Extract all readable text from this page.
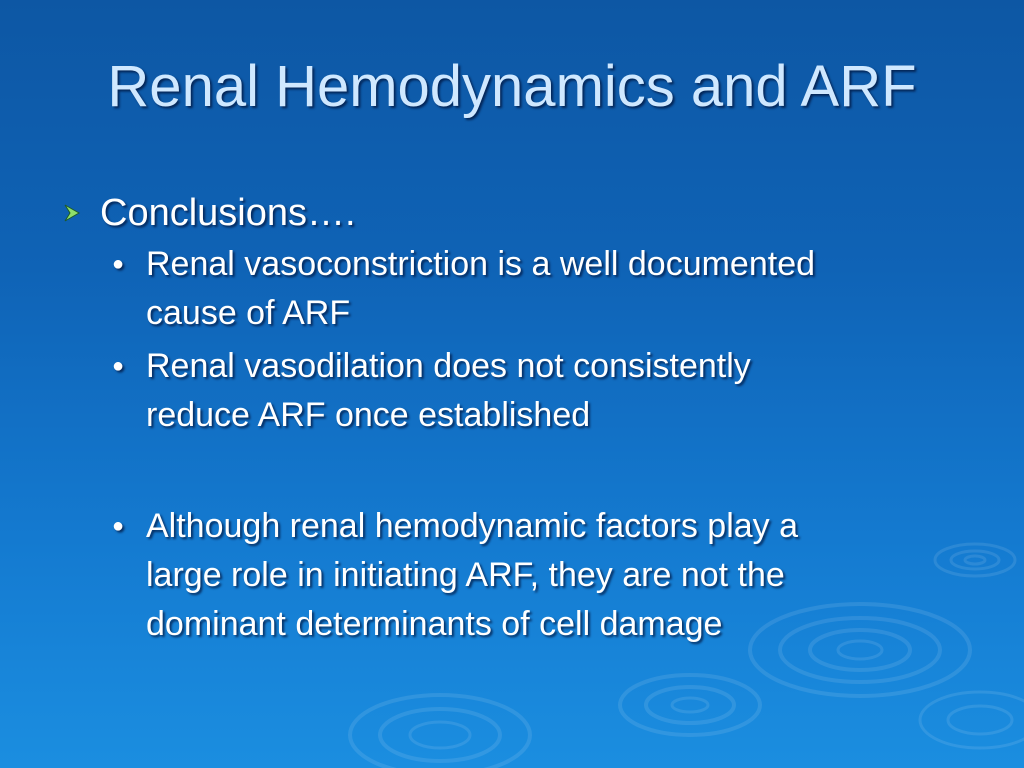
Renal Hemodynamics and ARF
Conclusions….
● Renal vasoconstriction is a well documented
cause of ARF
● Renal vasodilation does not consistently
reduce ARF once established
● Although renal hemodynamic factors play a
large role in initiating ARF, they are not the
dominant determinants of cell damage
